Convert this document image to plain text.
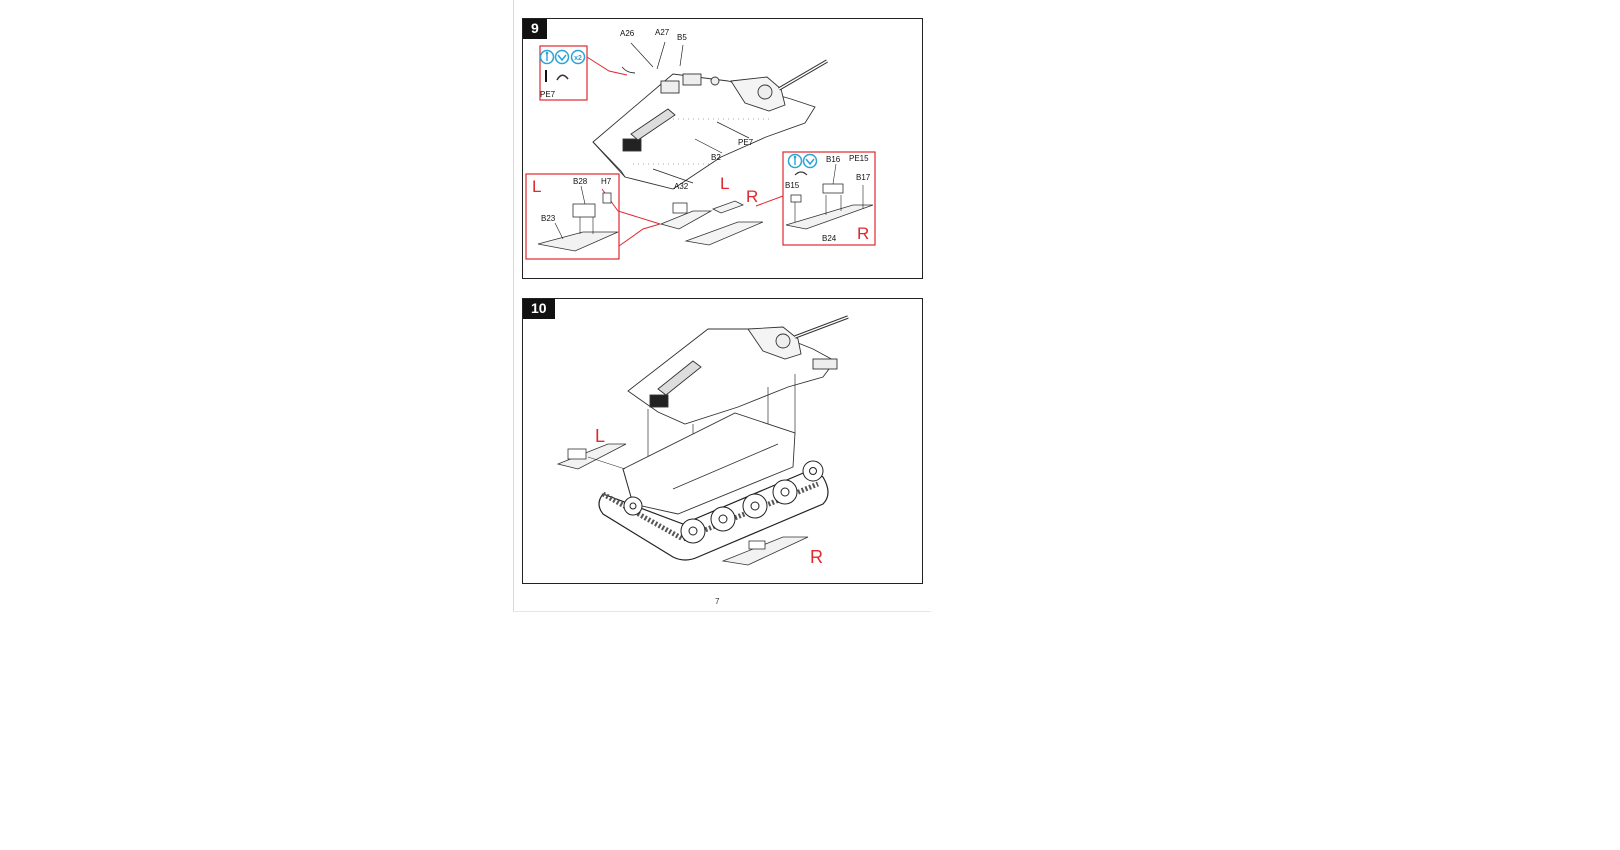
9
x2
PE7
A26	A27
B5
PE7
B2
A32
L	B28 H7
B23
L
R
B16 PE15
B15
B17
B24 R
10
L
R
7
